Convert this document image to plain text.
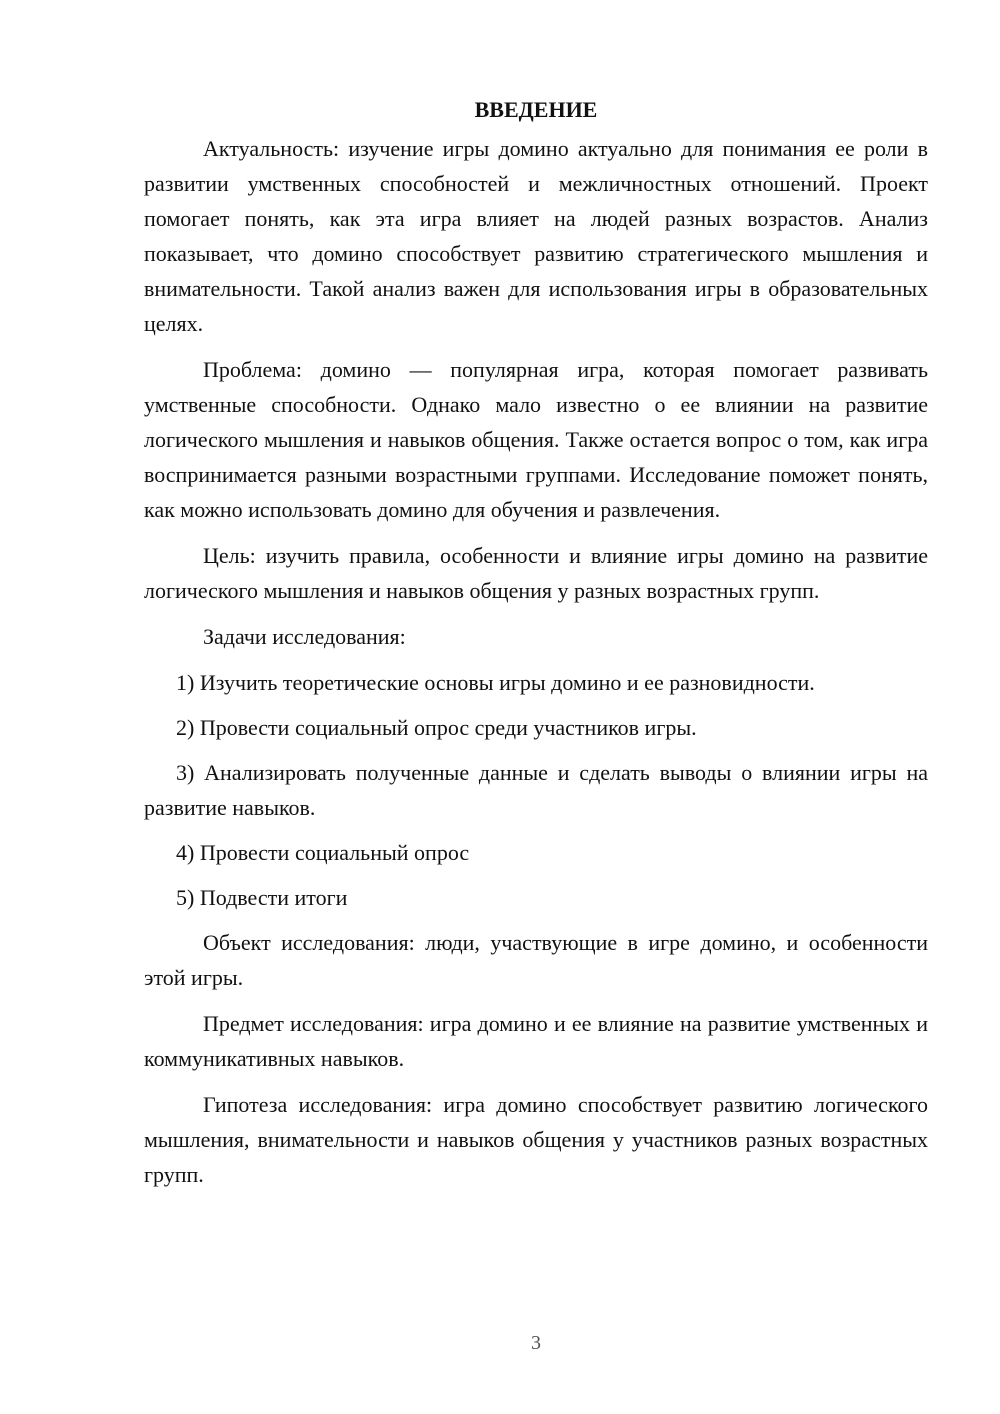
ВВЕДЕНИЕ

Актуальность: изучение игры домино актуально для понимания ее роли в развитии умственных способностей и межличностных отношений. Проект помогает понять, как эта игра влияет на людей разных возрастов. Анализ показывает, что домино способствует развитию стратегического мышления и внимательности. Такой анализ важен для использования игры в образовательных целях.

Проблема: домино — популярная игра, которая помогает развивать умственные способности. Однако мало известно о ее влиянии на развитие логического мышления и навыков общения. Также остается вопрос о том, как игра воспринимается разными возрастными группами. Исследование поможет понять, как можно использовать домино для обучения и развлечения.

Цель: изучить правила, особенности и влияние игры домино на развитие логического мышления и навыков общения у разных возрастных групп.

Задачи исследования:

1) Изучить теоретические основы игры домино и ее разновидности.

2) Провести социальный опрос среди участников игры.

3) Анализировать полученные данные и сделать выводы о влиянии игры на развитие навыков.

4) Провести социальный опрос

5) Подвести итоги

Объект исследования: люди, участвующие в игре домино, и особенности этой игры.

Предмет исследования: игра домино и ее влияние на развитие умственных и коммуникативных навыков.

Гипотеза исследования: игра домино способствует развитию логического мышления, внимательности и навыков общения у участников разных возрастных групп.

3
